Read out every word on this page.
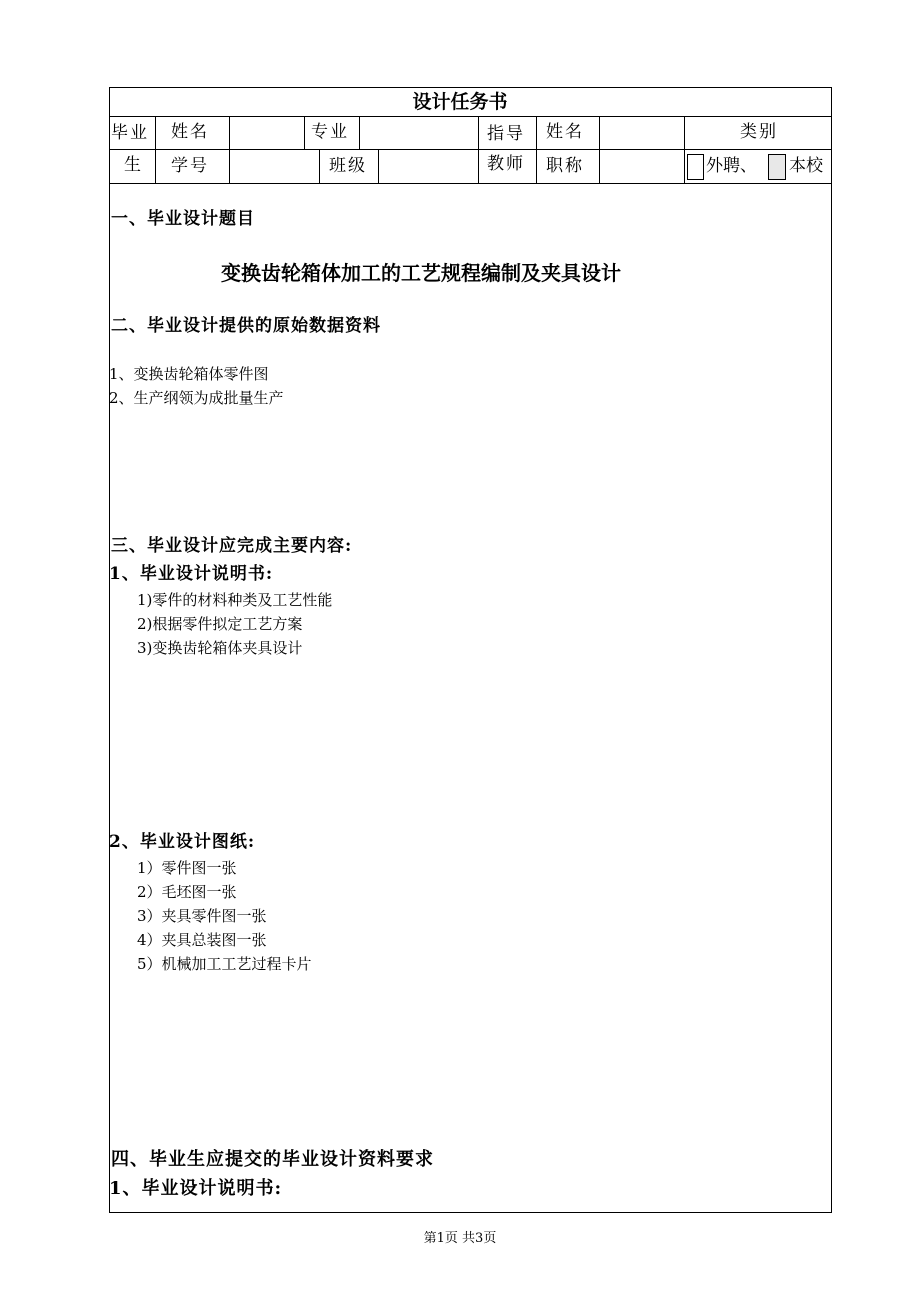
设计任务书
毕业 姓名	专业	指导 姓名	类别
生 学号	班级	教师 职称	外聘、 本校
一、毕业设计题目
变换齿轮箱体加工的工艺规程编制及夹具设计
二、毕业设计提供的原始数据资料
1、变换齿轮箱体零件图
2、生产纲领为成批量生产
三、毕业设计应完成主要内容:
1、毕业设计说明书:
1)零件的材料种类及工艺性能
2)根据零件拟定工艺方案
3)变换齿轮箱体夹具设计
2、毕业设计图纸:
1）零件图一张
2）毛坯图一张
3）夹具零件图一张
4）夹具总装图一张
5）机械加工工艺过程卡片
四、毕业生应提交的毕业设计资料要求
1、毕业设计说明书:
第1页 共3页
